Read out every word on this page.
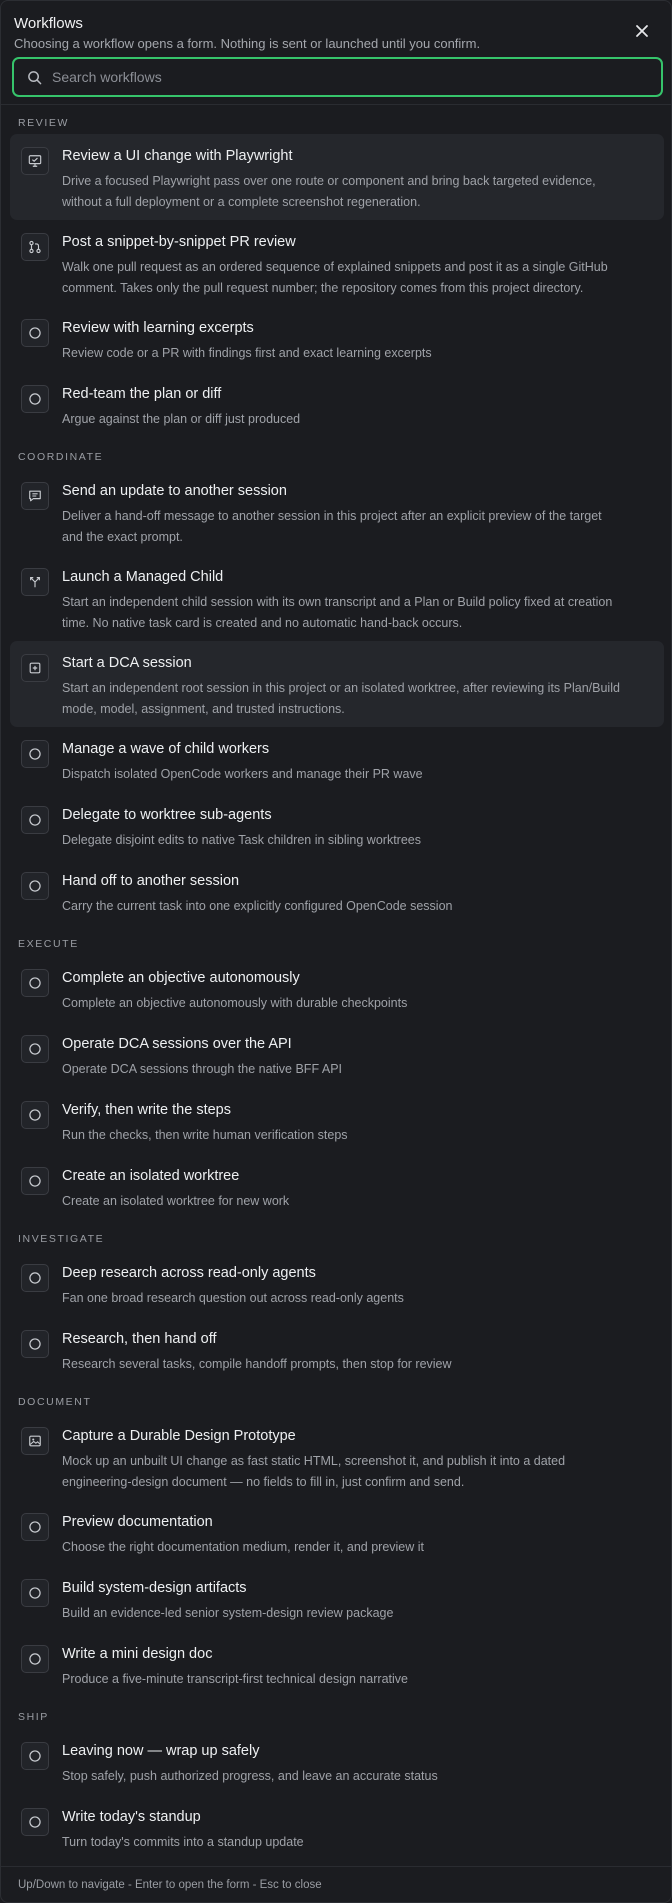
Workflows
Choosing a workflow opens a form. Nothing is sent or launched until you confirm.
Search workflows
REVIEW
Review a UI change with Playwright
Drive a focused Playwright pass over one route or component and bring back targeted evidence, without a full deployment or a complete screenshot regeneration.
Post a snippet-by-snippet PR review
Walk one pull request as an ordered sequence of explained snippets and post it as a single GitHub comment. Takes only the pull request number; the repository comes from this project directory.
Review with learning excerpts
Review code or a PR with findings first and exact learning excerpts
Red-team the plan or diff
Argue against the plan or diff just produced
COORDINATE
Send an update to another session
Deliver a hand-off message to another session in this project after an explicit preview of the target and the exact prompt.
Launch a Managed Child
Start an independent child session with its own transcript and a Plan or Build policy fixed at creation time. No native task card is created and no automatic hand-back occurs.
Start a DCA session
Start an independent root session in this project or an isolated worktree, after reviewing its Plan/Build mode, model, assignment, and trusted instructions.
Manage a wave of child workers
Dispatch isolated OpenCode workers and manage their PR wave
Delegate to worktree sub-agents
Delegate disjoint edits to native Task children in sibling worktrees
Hand off to another session
Carry the current task into one explicitly configured OpenCode session
EXECUTE
Complete an objective autonomously
Complete an objective autonomously with durable checkpoints
Operate DCA sessions over the API
Operate DCA sessions through the native BFF API
Verify, then write the steps
Run the checks, then write human verification steps
Create an isolated worktree
Create an isolated worktree for new work
INVESTIGATE
Deep research across read-only agents
Fan one broad research question out across read-only agents
Research, then hand off
Research several tasks, compile handoff prompts, then stop for review
DOCUMENT
Capture a Durable Design Prototype
Mock up an unbuilt UI change as fast static HTML, screenshot it, and publish it into a dated engineering-design document — no fields to fill in, just confirm and send.
Preview documentation
Choose the right documentation medium, render it, and preview it
Build system-design artifacts
Build an evidence-led senior system-design review package
Write a mini design doc
Produce a five-minute transcript-first technical design narrative
SHIP
Leaving now — wrap up safely
Stop safely, push authorized progress, and leave an accurate status
Write today's standup
Turn today's commits into a standup update
Up/Down to navigate - Enter to open the form - Esc to close
